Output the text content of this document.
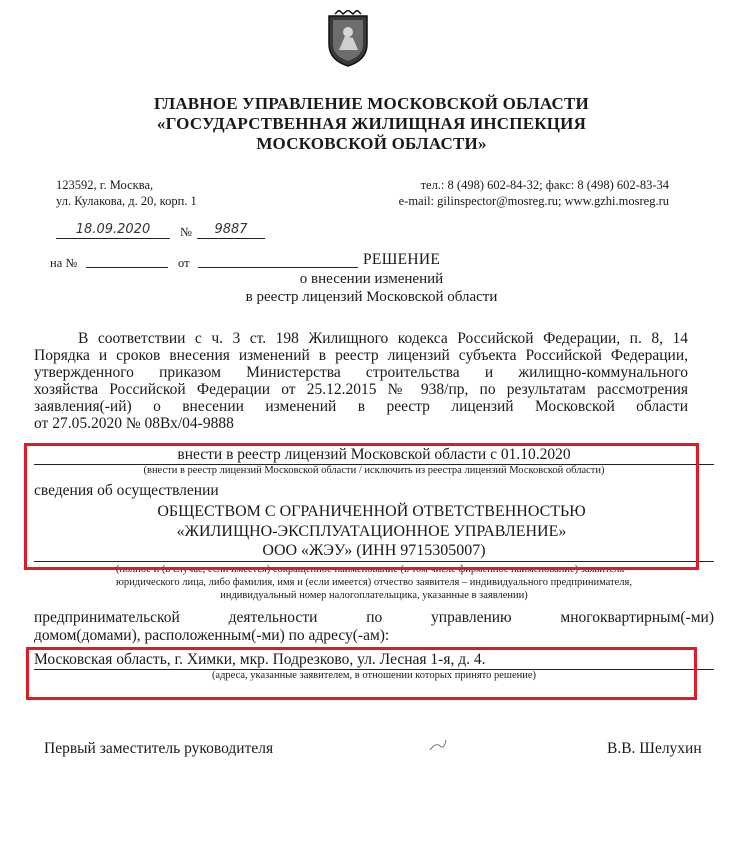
ГЛАВНОЕ УПРАВЛЕНИЕ МОСКОВСКОЙ ОБЛАСТИ
«ГОСУДАРСТВЕННАЯ ЖИЛИЩНАЯ ИНСПЕКЦИЯ
МОСКОВСКОЙ ОБЛАСТИ»
123592, г. Москва,
ул. Кулакова, д. 20, корп. 1
тел.: 8 (498) 602-84-32; факс: 8 (498) 602-83-34
e-mail: gilinspector@mosreg.ru; www.gzhi.mosreg.ru
18.09.2020	№	9887
на №	от	РЕШЕНИЕ
о внесении изменений
в реестр лицензий Московской области
В соответствии с ч. 3 ст. 198 Жилищного кодекса Российской Федерации, п. 8, 14
Порядка и сроков внесения изменений в реестр лицензий субъекта Российской Федерации,
утвержденного приказом Министерства строительства и жилищно-коммунального
хозяйства Российской Федерации от 25.12.2015 № 938/пр, по результатам рассмотрения
заявления(-ий) о внесении изменений в реестр лицензий Московской области
от 27.05.2020 № 08Вх/04-9888
внести в реестр лицензий Московской области с 01.10.2020
(внести в реестр лицензий Московской области / исключить из реестра лицензий Московской области)
сведения об осуществлении
ОБЩЕСТВОМ С ОГРАНИЧЕННОЙ ОТВЕТСТВЕННОСТЬЮ
«ЖИЛИЩНО-ЭКСПЛУАТАЦИОННОЕ УПРАВЛЕНИЕ»
ООО «ЖЭУ» (ИНН 9715305007)
(полное и (в случае, если имеется) сокращенное наименование (в том числе фирменное наименование) заявителя –
юридического лица, либо фамилия, имя и (если имеется) отчество заявителя – индивидуального предпринимателя,
индивидуальный номер налогоплательщика, указанные в заявлении)
предпринимательской деятельности по управлению многоквартирным(-ми)
домом(домами), расположенным(-ми) по адресу(-ам):
Московская область, г. Химки, мкр. Подрезково, ул. Лесная 1-я, д. 4.
(адреса, указанные заявителем, в отношении которых принято решение)
Первый заместитель руководителя	В.В. Шелухин
